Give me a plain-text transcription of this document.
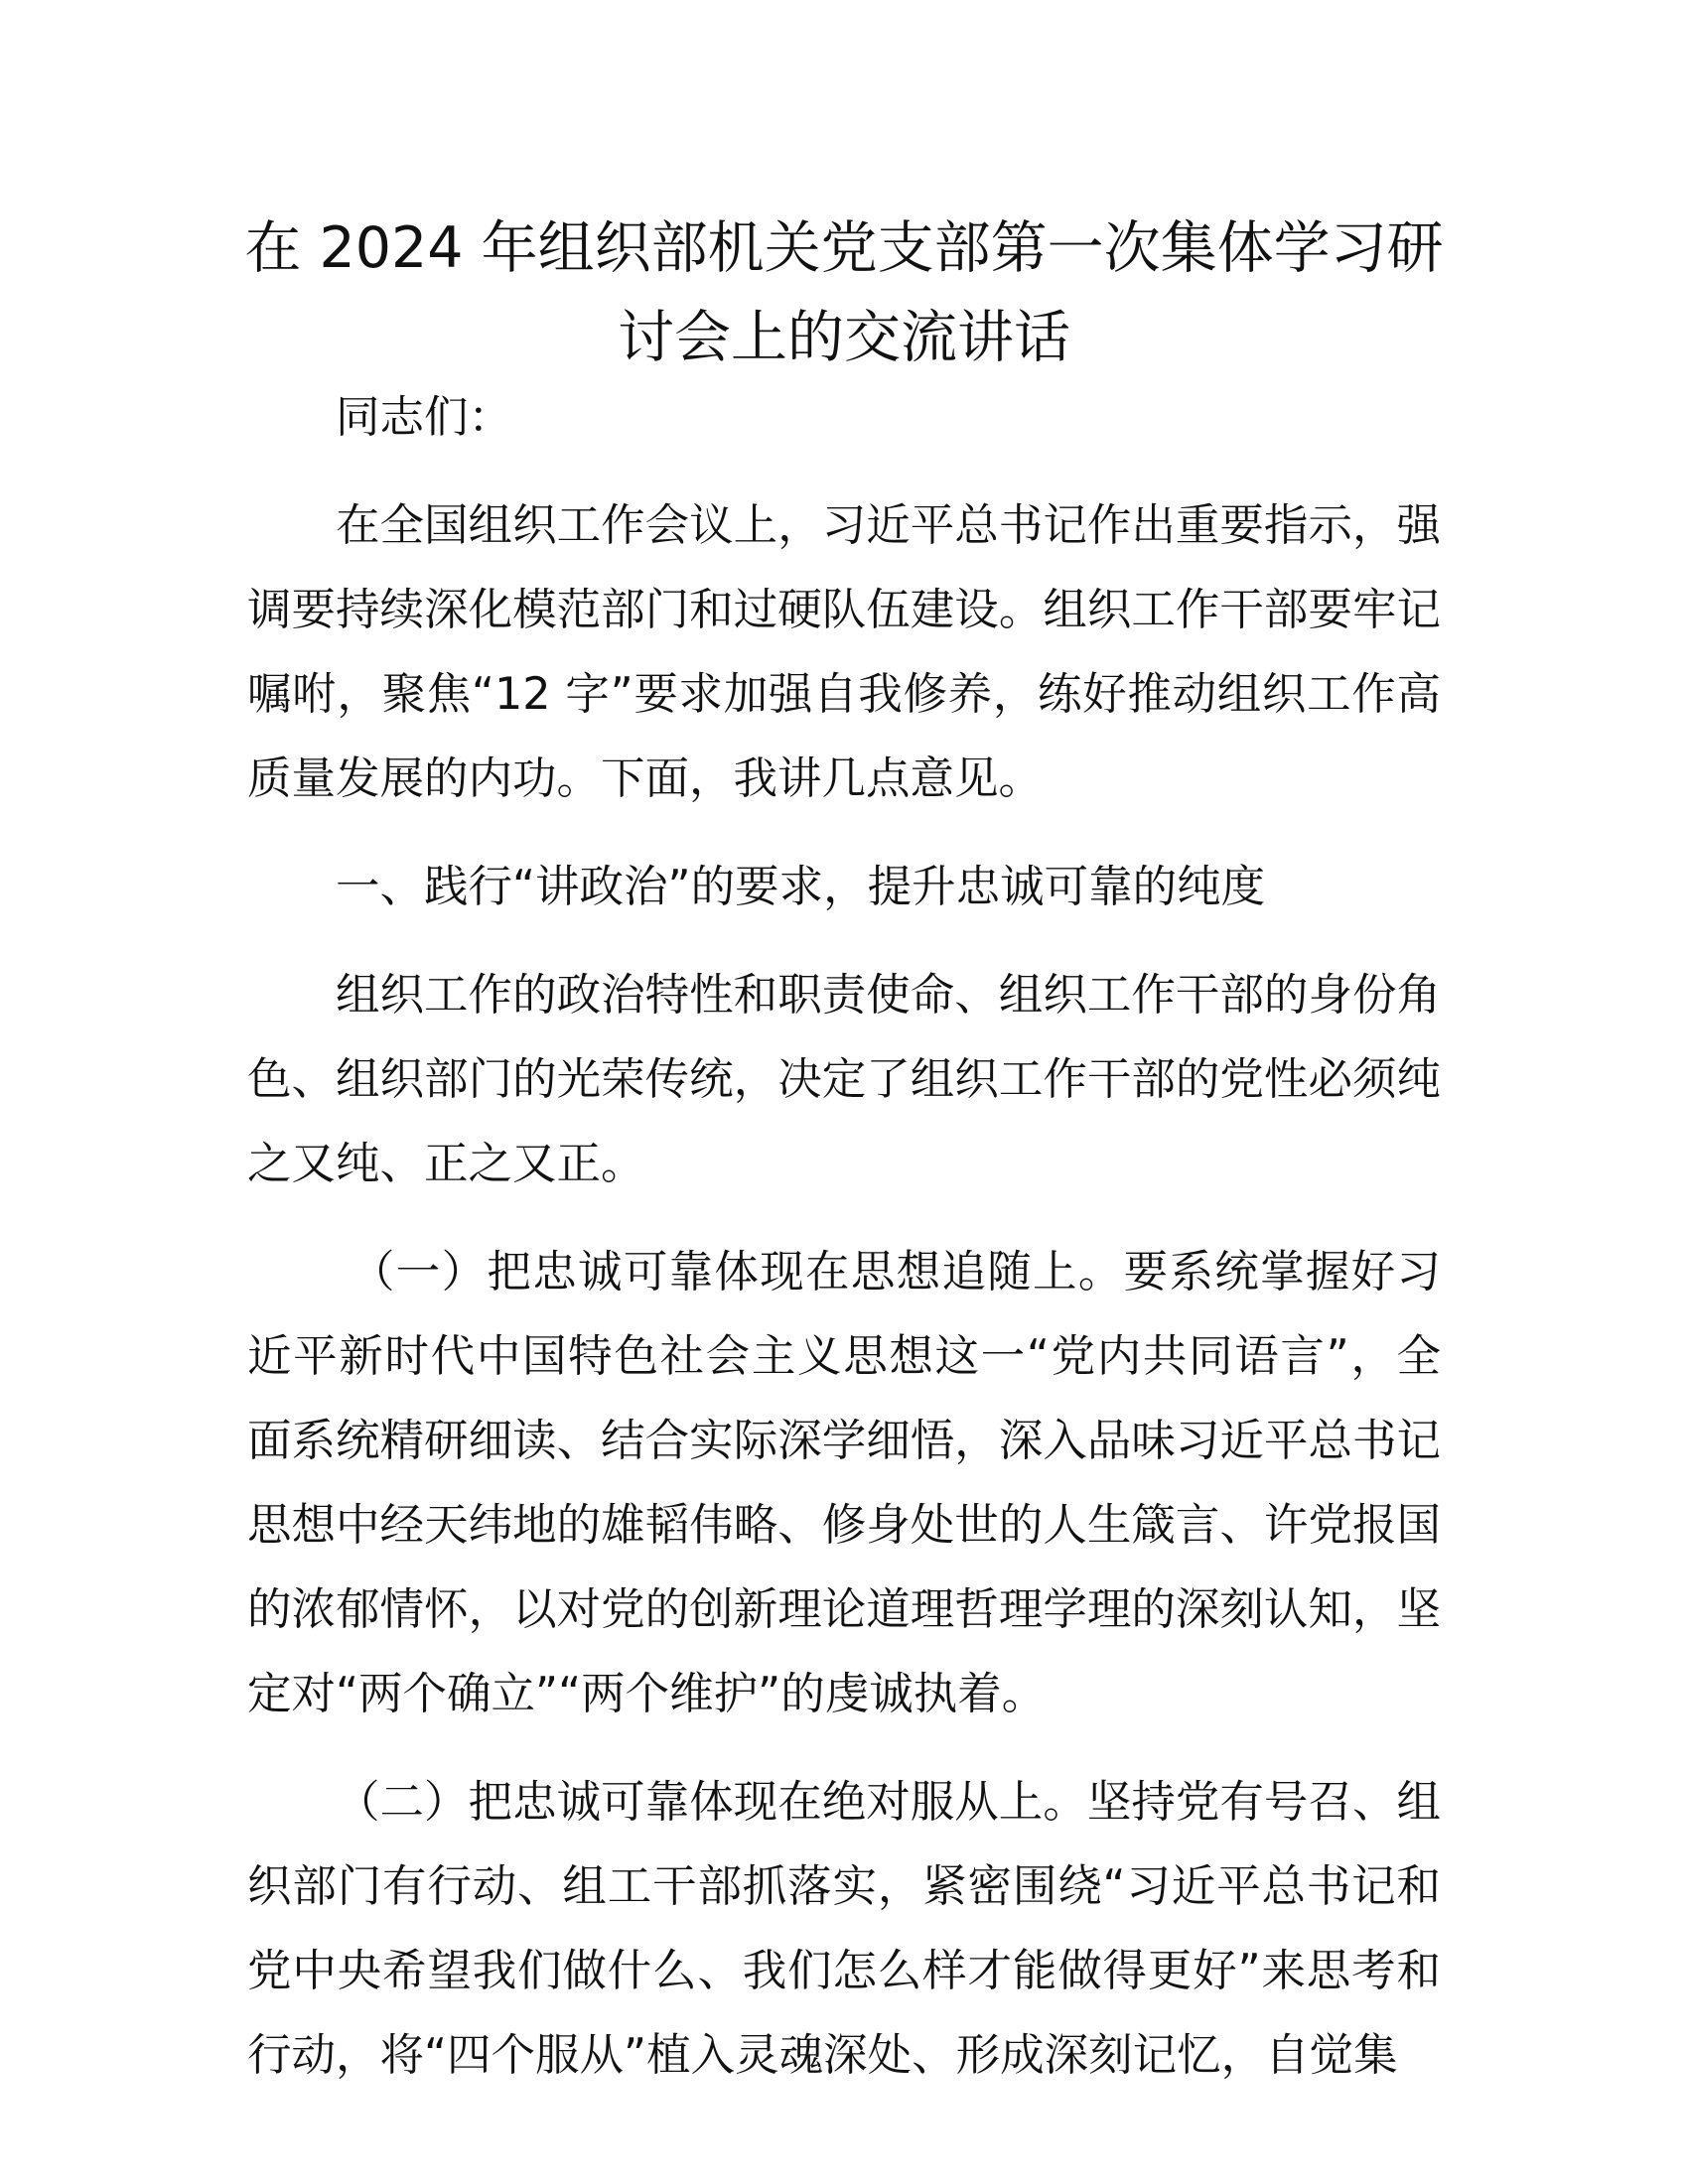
在 2024 年组织部机关党支部第一次集体学习研
讨会上的交流讲话

同志们：

在全国组织工作会议上，习近平总书记作出重要指示，强调要持续深化模范部门和过硬队伍建设。组织工作干部要牢记嘱咐，聚焦“12 字”要求加强自我修养，练好推动组织工作高质量发展的内功。下面，我讲几点意见。

一、践行“讲政治”的要求，提升忠诚可靠的纯度

组织工作的政治特性和职责使命、组织工作干部的身份角色、组织部门的光荣传统，决定了组织工作干部的党性必须纯之又纯、正之又正。

（一）把忠诚可靠体现在思想追随上。要系统掌握好习近平新时代中国特色社会主义思想这一“党内共同语言”，全面系统精研细读、结合实际深学细悟，深入品味习近平总书记思想中经天纬地的雄韬伟略、修身处世的人生箴言、许党报国的浓郁情怀，以对党的创新理论道理哲理学理的深刻认知，坚定对“两个确立”“两个维护”的虔诚执着。

（二）把忠诚可靠体现在绝对服从上。坚持党有号召、组织部门有行动、组工干部抓落实，紧密围绕“习近平总书记和党中央希望我们做什么、我们怎么样才能做得更好”来思考和行动，将“四个服从”植入灵魂深处、形成深刻记忆，自觉集
